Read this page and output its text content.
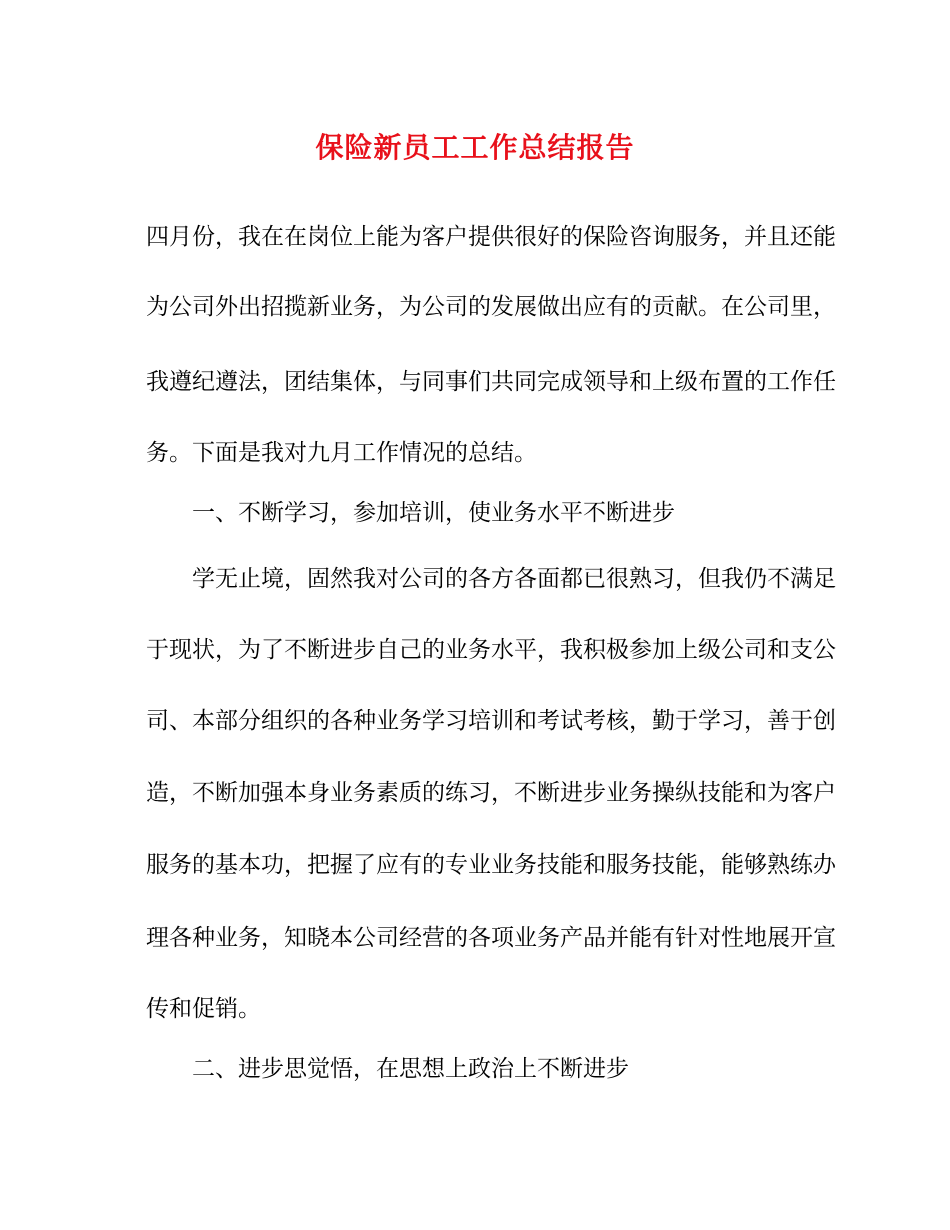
保险新员工工作总结报告
四月份，我在在岗位上能为客户提供很好的保险咨询服务，并且还能
为公司外出招揽新业务，为公司的发展做出应有的贡献。在公司里，
我遵纪遵法，团结集体，与同事们共同完成领导和上级布置的工作任
务。下面是我对九月工作情况的总结。
一、不断学习，参加培训，使业务水平不断进步
学无止境，固然我对公司的各方各面都已很熟习，但我仍不满足
于现状，为了不断进步自己的业务水平，我积极参加上级公司和支公
司、本部分组织的各种业务学习培训和考试考核，勤于学习，善于创
造，不断加强本身业务素质的练习，不断进步业务操纵技能和为客户
服务的基本功，把握了应有的专业业务技能和服务技能，能够熟练办
理各种业务，知晓本公司经营的各项业务产品并能有针对性地展开宣
传和促销。
二、进步思觉悟，在思想上政治上不断进步
